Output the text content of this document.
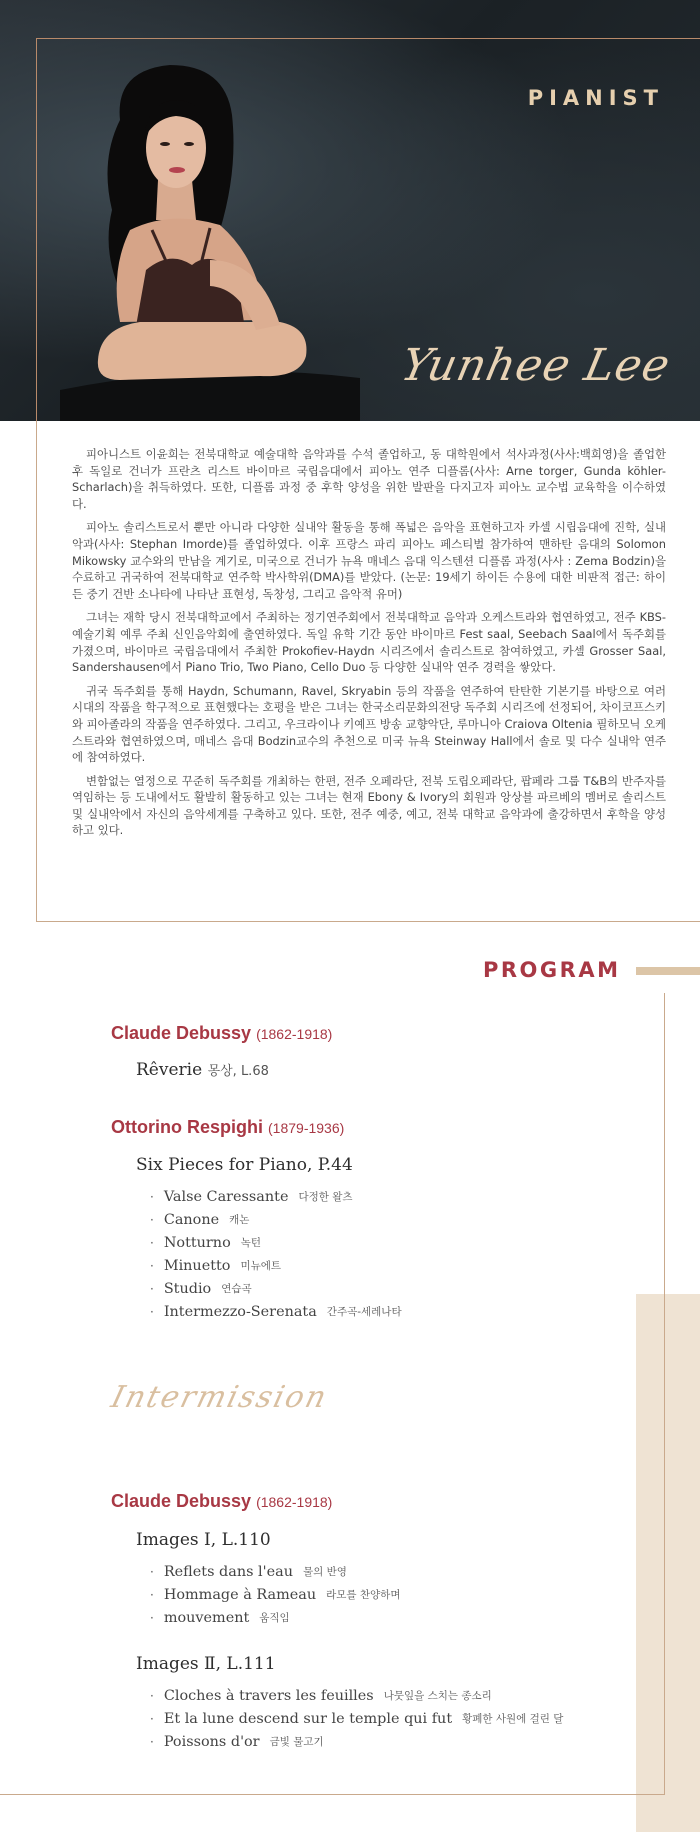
PIANIST
Yunhee Lee

피아니스트 이윤희는 전북대학교 예술대학 음악과를 수석 졸업하고, 동 대학원에서 석사과정(사사:백희영)을 졸업한 후 독일로 건너가 프란츠 리스트 바이마르 국립음대에서 피아노 연주 디플롬(사사: Arne torger, Gunda köhler-Scharlach)을 취득하였다. 또한, 디플롬 과정 중 후학 양성을 위한 발판을 다지고자 피아노 교수법 교육학을 이수하였다.

피아노 솔리스트로서 뿐만 아니라 다양한 실내악 활동을 통해 폭넓은 음악을 표현하고자 카셀 시립음대에 진학, 실내악과(사사: Stephan Imorde)를 졸업하였다. 이후 프랑스 파리 피아노 페스티벌 참가하여 맨하탄 음대의 Solomon Mikowsky 교수와의 만남을 계기로, 미국으로 건너가 뉴욕 매네스 음대 익스텐션 디플롬 과정(사사 : Zema Bodzin)을 수료하고 귀국하여 전북대학교 연주학 박사학위(DMA)를 받았다. (논문: 19세기 하이든 수용에 대한 비판적 접근: 하이든 중기 건반 소나타에 나타난 표현성, 독창성, 그리고 음악적 유머)

그녀는 재학 당시 전북대학교에서 주최하는 정기연주회에서 전북대학교 음악과 오케스트라와 협연하였고, 전주 KBS-예술기획 예루 주최 신인음악회에 출연하였다. 독일 유학 기간 동안 바이마르 Fest saal, Seebach Saal에서 독주회를 가졌으며, 바이마르 국립음대에서 주최한 Prokofiev-Haydn 시리즈에서 솔리스트로 참여하였고, 카셀 Grosser Saal, Sandershausen에서 Piano Trio, Two Piano, Cello Duo 등 다양한 실내악 연주 경력을 쌓았다.

귀국 독주회를 통해 Haydn, Schumann, Ravel, Skryabin 등의 작품을 연주하여 탄탄한 기본기를 바탕으로 여러 시대의 작품을 학구적으로 표현했다는 호평을 받은 그녀는 한국소리문화의전당 독주회 시리즈에 선정되어, 차이코프스키와 피아졸라의 작품을 연주하였다. 그리고, 우크라이나 키예프 방송 교향악단, 루마니아 Craiova Oltenia 필하모닉 오케스트라와 협연하였으며, 매네스 음대 Bodzin교수의 추천으로 미국 뉴욕 Steinway Hall에서 솔로 및 다수 실내악 연주에 참여하였다.

변함없는 열정으로 꾸준히 독주회를 개최하는 한편, 전주 오페라단, 전북 도립오페라단, 팝페라 그룹 T&B의 반주자를 역임하는 등 도내에서도 활발히 활동하고 있는 그녀는 현재 Ebony & Ivory의 회원과 앙상블 파르베의 멤버로 솔리스트 및 실내악에서 자신의 음악세계를 구축하고 있다. 또한, 전주 예중, 예고, 전북 대학교 음악과에 출강하면서 후학을 양성하고 있다.

PROGRAM
Claude Debussy (1862-1918)
Rêverie 몽상, L.68
Ottorino Respighi (1879-1936)
Six Pieces for Piano, P.44
· Valse Caressante 다정한 왈츠
· Canone 캐논
· Notturno 녹턴
· Minuetto 미뉴에트
· Studio 연습곡
· Intermezzo-Serenata 간주곡-세레나타
Intermission
Claude Debussy (1862-1918)
Images I, L.110
· Reflets dans l'eau 물의 반영
· Hommage à Rameau 라모를 찬양하며
· mouvement 움직임
Images Ⅱ, L.111
· Cloches à travers les feuilles 나뭇잎을 스치는 종소리
· Et la lune descend sur le temple qui fut 황폐한 사원에 걸린 달
· Poissons d'or 금빛 물고기
